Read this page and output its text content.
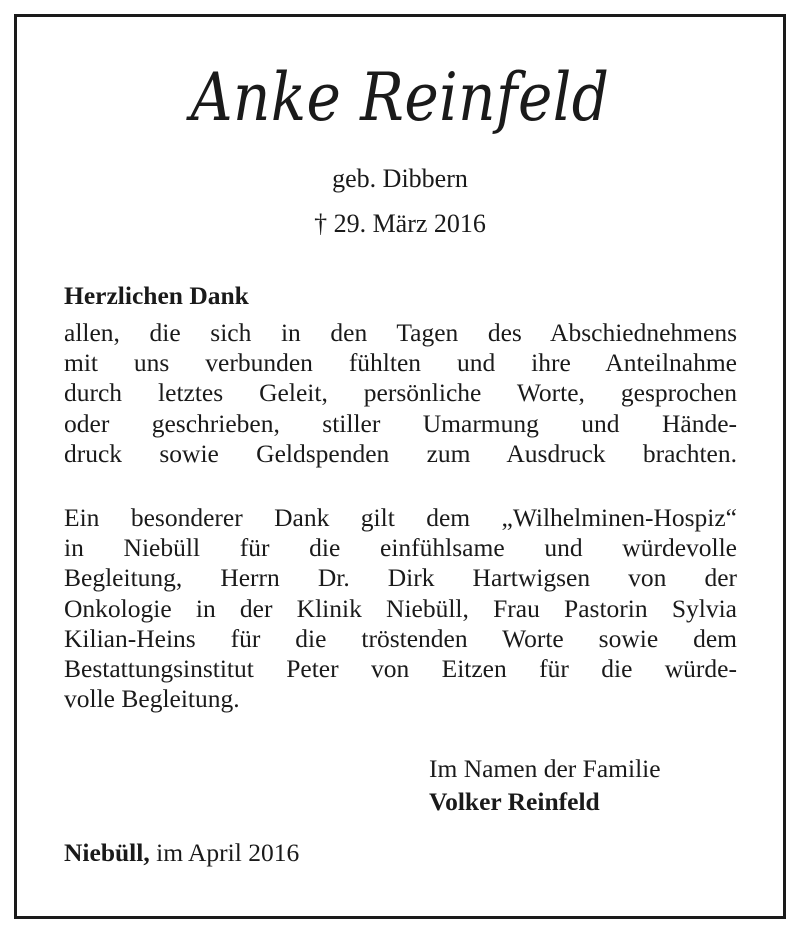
Anke Reinfeld
geb. Dibbern
† 29. März 2016
Herzlichen Dank
allen, die sich in den Tagen des Abschiednehmens
mit uns verbunden fühlten und ihre Anteilnahme
durch letztes Geleit, persönliche Worte, gesprochen
oder geschrieben, stiller Umarmung und Hände-
druck sowie Geldspenden zum Ausdruck brachten.
Ein besonderer Dank gilt dem „Wilhelminen-Hospiz“
in Niebüll für die einfühlsame und würdevolle
Begleitung, Herrn Dr. Dirk Hartwigsen von der
Onkologie in der Klinik Niebüll, Frau Pastorin Sylvia
Kilian-Heins für die tröstenden Worte sowie dem
Bestattungsinstitut Peter von Eitzen für die würde-
volle Begleitung.
Im Namen der Familie
Volker Reinfeld
Niebüll, im April 2016
